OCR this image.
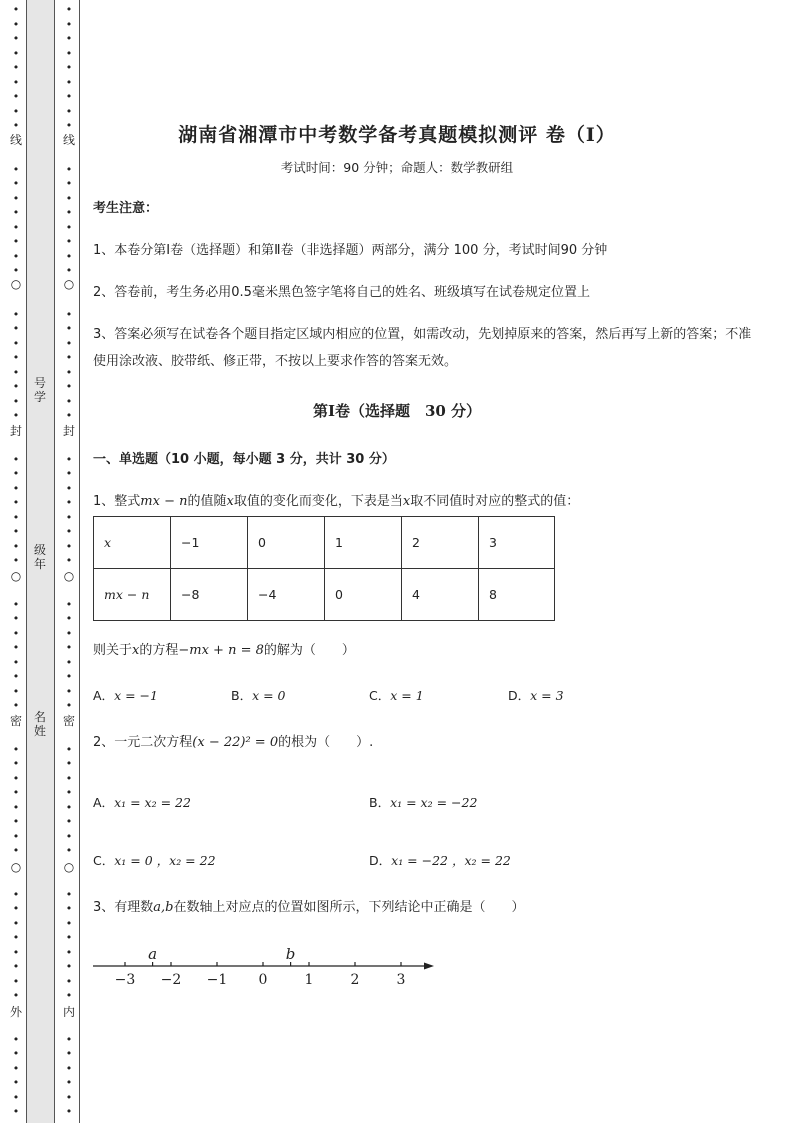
•
•
•
•
•
•
•
•
•
•
•
•
•
•
•
•
•
•
•
•
•
•
•
•
•
•
•
•
•
•
•
•
•
•
•
•
•
•
•
•
•
•
•
•
•
•
•
•
•
•
•
•
•
•
•
•
•
•
•
•
•
•
•
•
•
•
•
•
•
•
•
•
•
•
•
•
•
•
•
•
•
•
•
•
•
•
•
•
•
•
•
•
•
•
•
•
•
•
•
•
•
•
•
•
•
•
•
•
•
•
•
•
•
•
•
•
•
•
•
•
•
•
•
•
•
•
线
○
封
○
密
○
外
线
○
封
○
密
○
内
号学
级年
名姓
湖南省湘潭市中考数学备考真题模拟测评 卷（Ⅰ）
考试时间：90 分钟；命题人：数学教研组
考生注意：
1、本卷分第Ⅰ卷（选择题）和第Ⅱ卷（非选择题）两部分，满分 100 分，考试时间90 分钟
2、答卷前，考生务必用0.5毫米黑色签字笔将自己的姓名、班级填写在试卷规定位置上
3、答案必须写在试卷各个题目指定区域内相应的位置，如需改动，先划掉原来的答案，然后再写上新的答案；不准使用涂改液、胶带纸、修正带，不按以上要求作答的答案无效。
第Ⅰ卷（选择题　30 分）
一、单选题（10 小题，每小题 3 分，共计 30 分）
1、整式mx − n的值随x取值的变化而变化，下表是当x取不同值时对应的整式的值：
x	−1	0	1	2	3
mx − n	−8	−4	0	4	8
则关于x的方程−mx + n = 8的解为（　　）
A．x = −1	B．x = 0	C．x = 1	D．x = 3
2、一元二次方程(x − 22)² = 0的根为（　　）.
A．x₁ = x₂ = 22	B．x₁ = x₂ = −22
C．x₁ = 0 ，x₂ = 22	D．x₁ = −22 ，x₂ = 22
3、有理数a,b在数轴上对应点的位置如图所示，下列结论中正确是（　　）
−3 −2 −1 0	1	2	3
a	b
